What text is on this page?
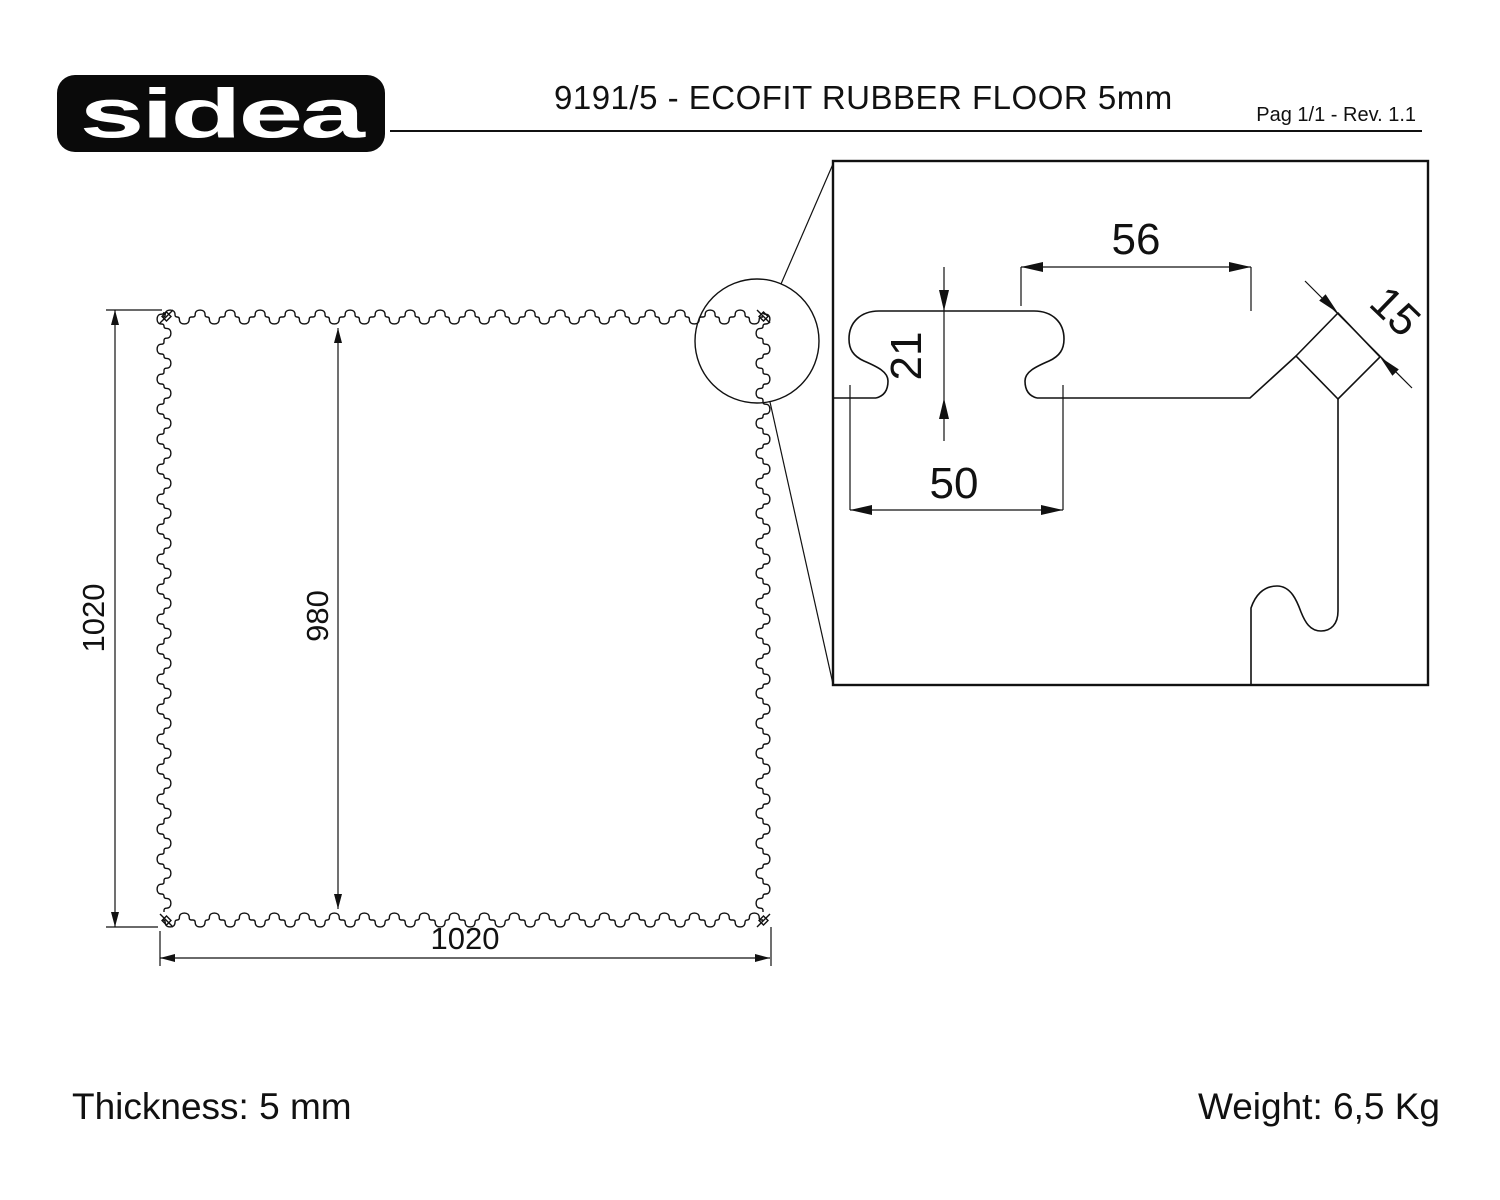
sidea	9191/5 - ECOFIT RUBBER FLOOR 5mm	Pag 1/1 - Rev. 1.1
1020	980
1020
56
21
50
15
Thickness: 5 mm	Weight: 6,5 Kg
